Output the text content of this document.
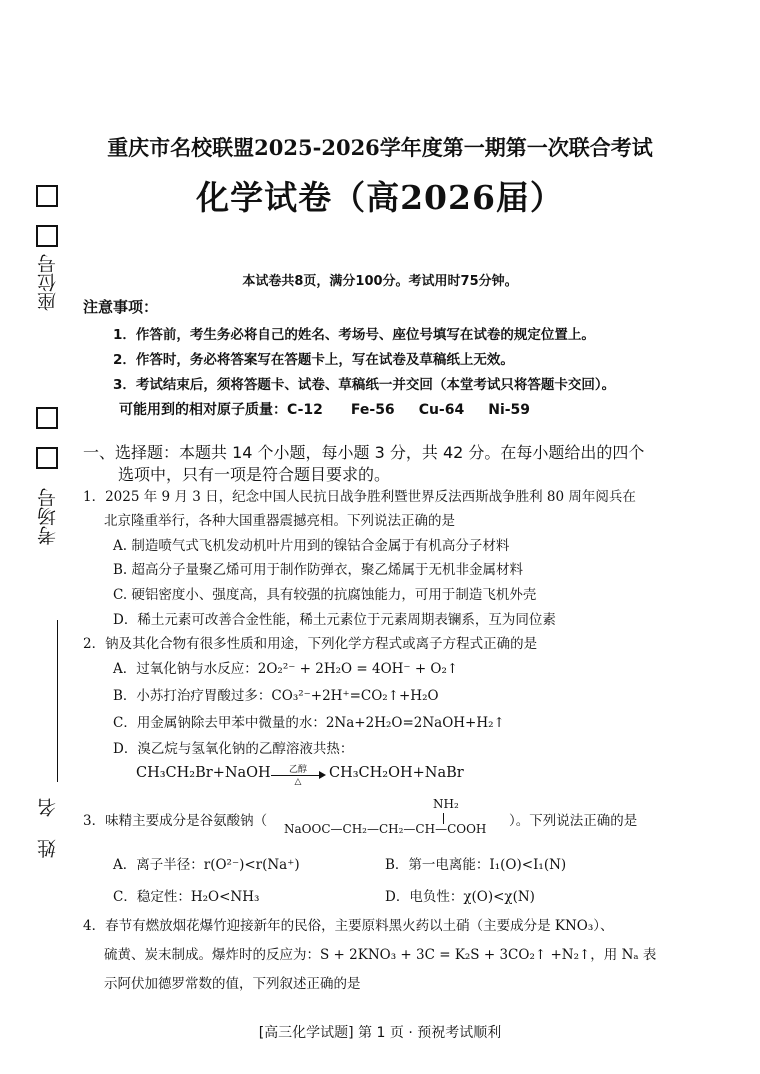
座位号
考场号
姓 名
重庆市名校联盟2025-2026学年度第一期第一次联合考试
化学试卷（高2026届）
本试卷共8页，满分100分。考试用时75分钟。
注意事项：
1．作答前，考生务必将自己的姓名、考场号、座位号填写在试卷的规定位置上。
2．作答时，务必将答案写在答题卡上，写在试卷及草稿纸上无效。
3．考试结束后，须将答题卡、试卷、草稿纸一并交回（本堂考试只将答题卡交回）。
可能用到的相对原子质量：C-12 Fe-56 Cu-64 Ni-59
一、选择题：本题共 14 个小题，每小题 3 分，共 42 分。在每小题给出的四个
选项中，只有一项是符合题目要求的。
1．2025 年 9 月 3 日，纪念中国人民抗日战争胜利暨世界反法西斯战争胜利 80 周年阅兵在
北京隆重举行，各种大国重器震撼亮相。下列说法正确的是
A. 制造喷气式飞机发动机叶片用到的镍钴合金属于有机高分子材料
B. 超高分子量聚乙烯可用于制作防弹衣，聚乙烯属于无机非金属材料
C. 硬铝密度小、强度高，具有较强的抗腐蚀能力，可用于制造飞机外壳
D．稀土元素可改善合金性能，稀土元素位于元素周期表镧系，互为同位素
2．钠及其化合物有很多性质和用途，下列化学方程式或离子方程式正确的是
A．过氧化钠与水反应：2O₂²⁻ + 2H₂O = 4OH⁻ + O₂↑
B．小苏打治疗胃酸过多：CO₃²⁻+2H⁺=CO₂↑+H₂O
C．用金属钠除去甲苯中微量的水：2Na+2H₂O=2NaOH+H₂↑
D．溴乙烷与氢氧化钠的乙醇溶液共热：
CH₃CH₂Br+NaOH	乙醇
△
CH₃CH₂OH+NaBr
3．味精主要成分是谷氨酸钠（
NH₂
NaOOC—CH₂—CH₂—CH—COOH ）。下列说法正确的是
A．离子半径：r(O²⁻)<r(Na⁺)	B．第一电离能：I₁(O)<I₁(N)
C．稳定性：H₂O<NH₃	D．电负性：χ(O)<χ(N)
4．春节有燃放烟花爆竹迎接新年的民俗，主要原料黑火药以土硝（主要成分是 KNO₃）、
硫黄、炭末制成。爆炸时的反应为：S + 2KNO₃ + 3C = K₂S + 3CO₂↑ +N₂↑，用 Nₐ 表
示阿伏加德罗常数的值，下列叙述正确的是
[高三化学试题] 第 1 页 · 预祝考试顺利
